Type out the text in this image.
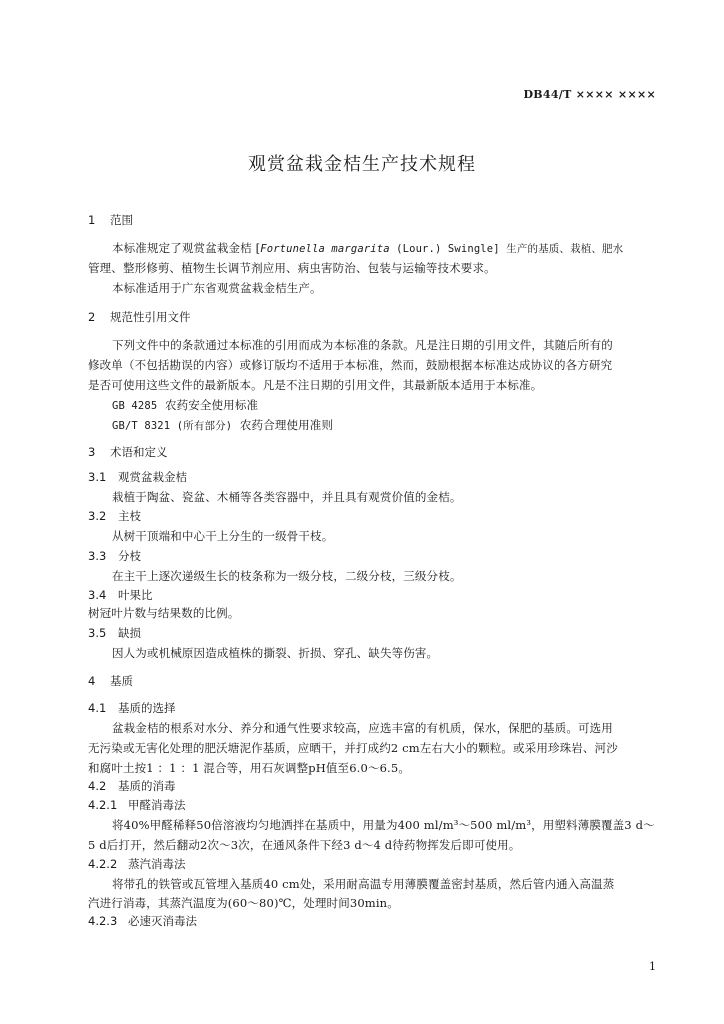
DB44/T ×××× ××××
观赏盆栽金桔生产技术规程
1 范围
本标准规定了观赏盆栽金桔 [Fortunella margarita (Lour.) Swingle] 生产的基质、栽植、肥水
管理、整形修剪、植物生长调节剂应用、病虫害防治、包装与运输等技术要求。
本标准适用于广东省观赏盆栽金桔生产。
2 规范性引用文件
下列文件中的条款通过本标准的引用而成为本标准的条款。凡是注日期的引用文件，其随后所有的
修改单（不包括勘误的内容）或修订版均不适用于本标准，然而，鼓励根据本标准达成协议的各方研究
是否可使用这些文件的最新版本。凡是不注日期的引用文件，其最新版本适用于本标准。
GB 4285 农药安全使用标准
GB/T 8321 (所有部分) 农药合理使用准则
3 术语和定义
3.1 观赏盆栽金桔
栽植于陶盆、瓷盆、木桶等各类容器中，并且具有观赏价值的金桔。
3.2 主枝
从树干顶端和中心干上分生的一级骨干枝。
3.3 分枝
在主干上逐次递级生长的枝条称为一级分枝，二级分枝，三级分枝。
3.4 叶果比
树冠叶片数与结果数的比例。
3.5 缺损
因人为或机械原因造成植株的撕裂、折损、穿孔、缺失等伤害。
4 基质
4.1 基质的选择
盆栽金桔的根系对水分、养分和通气性要求较高，应选丰富的有机质，保水，保肥的基质。可选用
无污染或无害化处理的肥沃塘泥作基质，应晒干，并打成约2 cm左右大小的颗粒。或采用珍珠岩、河沙
和腐叶土按1 ：1 ：1 混合等，用石灰调整pH值至6.0～6.5。
4.2 基质的消毒
4.2.1 甲醛消毒法
将40%甲醛稀释50倍溶液均匀地洒拌在基质中，用量为400 ml/m³～500 ml/m³，用塑料薄膜覆盖3 d～
5 d后打开，然后翻动2次～3次，在通风条件下经3 d～4 d待药物挥发后即可使用。
4.2.2 蒸汽消毒法
将带孔的铁管或瓦管埋入基质40 cm处，采用耐高温专用薄膜覆盖密封基质，然后管内通入高温蒸
汽进行消毒，其蒸汽温度为(60～80)℃，处理时间30min。
4.2.3 必速灭消毒法
1
